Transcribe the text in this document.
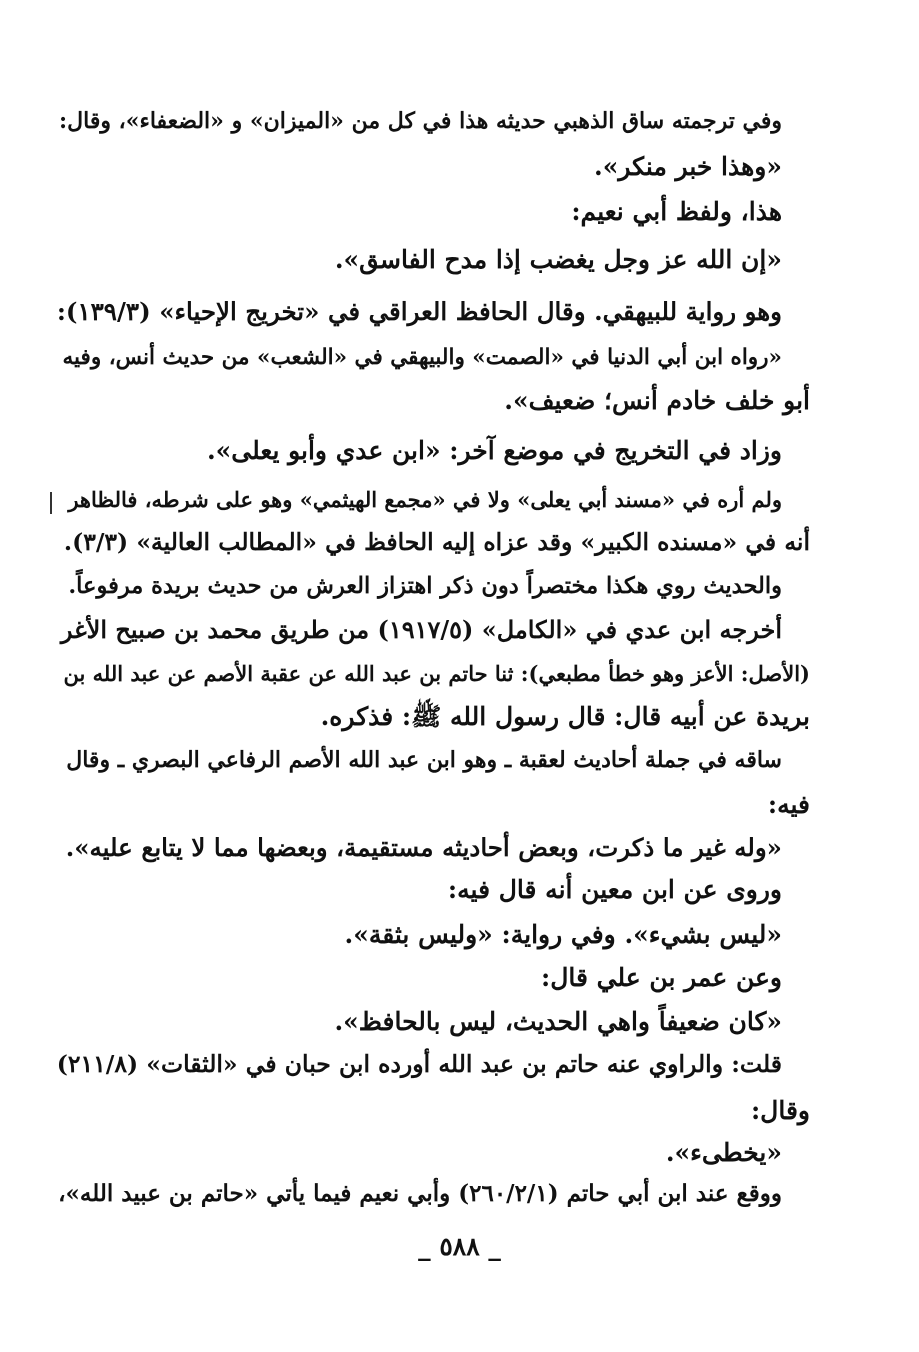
وفي ترجمته ساق الذهبي حديثه هذا في كل من «الميزان» و «الضعفاء»، وقال:
«وهذا خبر منكر».
هذا، ولفظ أبي نعيم:
«إن الله عز وجل يغضب إذا مدح الفاسق».
وهو رواية للبيهقي. وقال الحافظ العراقي في «تخريج الإحياء» (١٣٩/٣):
«رواه ابن أبي الدنيا في «الصمت» والبيهقي في «الشعب» من حديث أنس، وفيه
أبو خلف خادم أنس؛ ضعيف».
وزاد في التخريج في موضع آخر: «ابن عدي وأبو يعلى».
ولم أره في «مسند أبي يعلى» ولا في «مجمع الهيثمي» وهو على شرطه، فالظاهر
أنه في «مسنده الكبير» وقد عزاه إليه الحافظ في «المطالب العالية» (٣/٣).
والحديث روي هكذا مختصراً دون ذكر اهتزاز العرش من حديث بريدة مرفوعاً.
أخرجه ابن عدي في «الكامل» (١٩١٧/٥) من طريق محمد بن صبيح الأغر
(الأصل: الأعز وهو خطأ مطبعي): ثنا حاتم بن عبد الله عن عقبة الأصم عن عبد الله بن
بريدة عن أبيه قال: قال رسول الله ﷺ: فذكره.
ساقه في جملة أحاديث لعقبة ـ وهو ابن عبد الله الأصم الرفاعي البصري ـ وقال
فيه:
«وله غير ما ذكرت، وبعض أحاديثه مستقيمة، وبعضها مما لا يتابع عليه».
وروى عن ابن معين أنه قال فيه:
«ليس بشيء». وفي رواية: «وليس بثقة».
وعن عمر بن علي قال:
«كان ضعيفاً واهي الحديث، ليس بالحافظ».
قلت: والراوي عنه حاتم بن عبد الله أورده ابن حبان في «الثقات» (٢١١/٨)
وقال:
«يخطىء».
ووقع عند ابن أبي حاتم (٢٦٠/٢/١) وأبي نعيم فيما يأتي «حاتم بن عبيد الله»،
_ ٥٨٨ _
